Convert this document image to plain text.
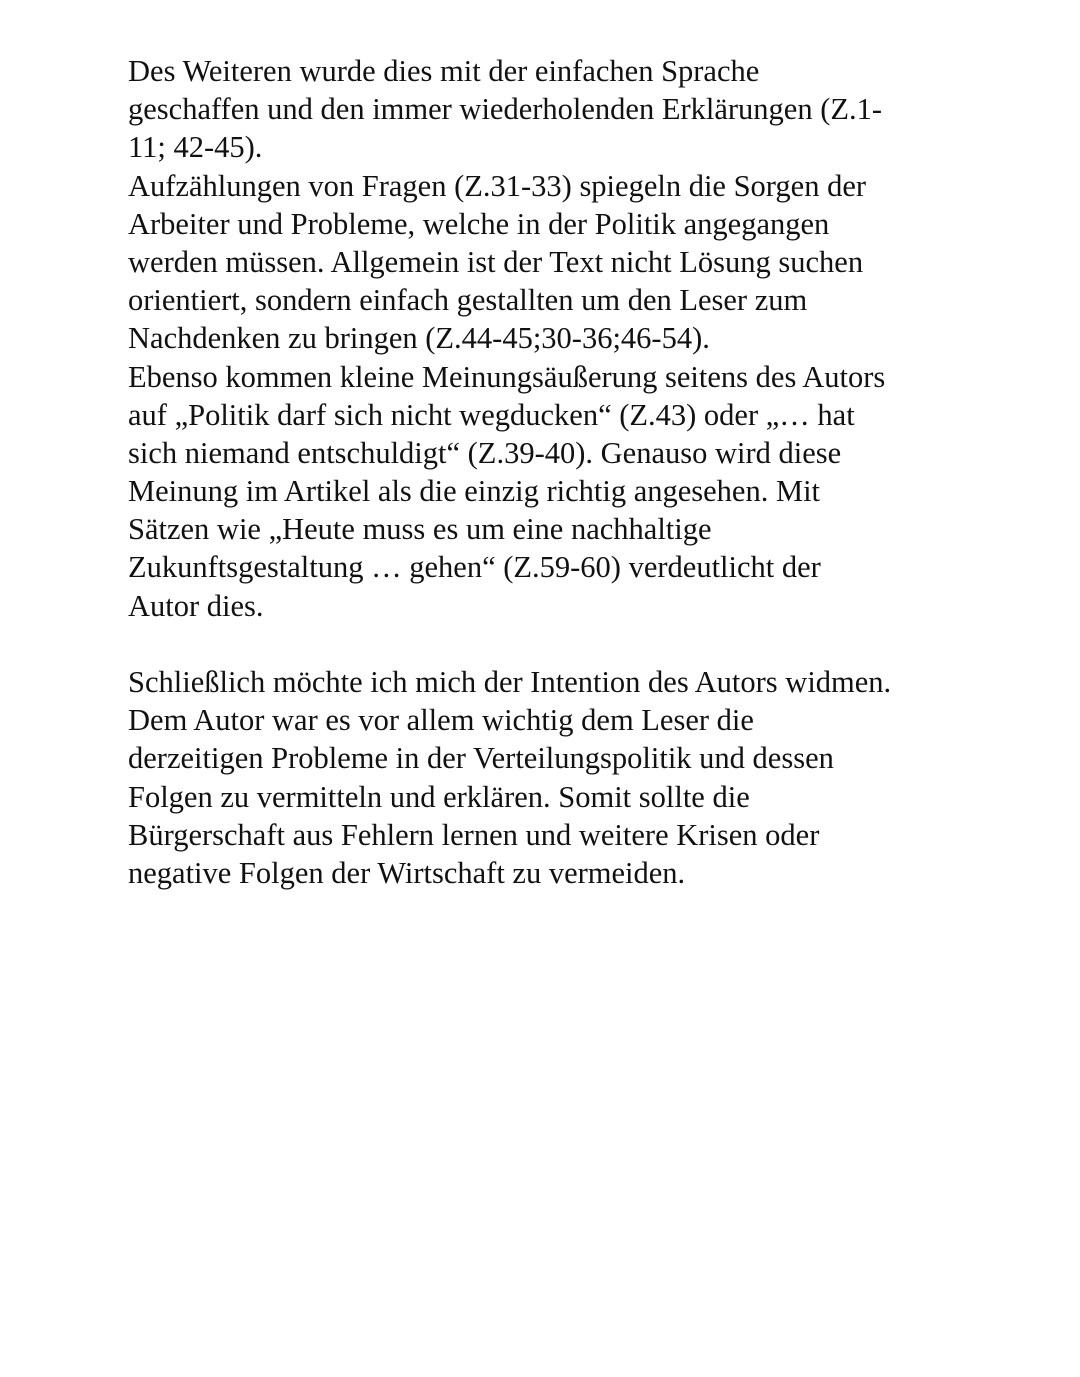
Des Weiteren wurde dies mit der einfachen Sprache

geschaffen und den immer wiederholenden Erklärungen (Z.1-

11; 42-45).

Aufzählungen von Fragen (Z.31-33) spiegeln die Sorgen der

Arbeiter und Probleme, welche in der Politik angegangen

werden müssen. Allgemein ist der Text nicht Lösung suchen

orientiert, sondern einfach gestallten um den Leser zum

Nachdenken zu bringen (Z.44-45;30-36;46-54).

Ebenso kommen kleine Meinungsäußerung seitens des Autors

auf „Politik darf sich nicht wegducken“ (Z.43) oder „… hat

sich niemand entschuldigt“ (Z.39-40). Genauso wird diese

Meinung im Artikel als die einzig richtig angesehen. Mit

Sätzen wie „Heute muss es um eine nachhaltige

Zukunftsgestaltung … gehen“ (Z.59-60) verdeutlicht der

Autor dies.

Schließlich möchte ich mich der Intention des Autors widmen.

Dem Autor war es vor allem wichtig dem Leser die

derzeitigen Probleme in der Verteilungspolitik und dessen

Folgen zu vermitteln und erklären. Somit sollte die

Bürgerschaft aus Fehlern lernen und weitere Krisen oder

negative Folgen der Wirtschaft zu vermeiden.
